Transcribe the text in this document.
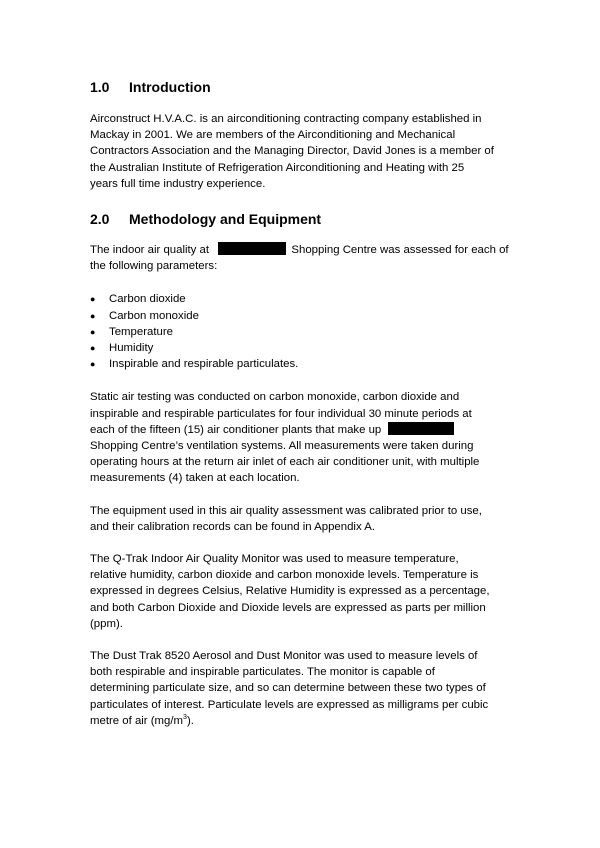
1.0	Introduction
Airconstruct H.V.A.C. is an airconditioning contracting company established in
Mackay in 2001. We are members of the Airconditioning and Mechanical
Contractors Association and the Managing Director, David Jones is a member of
the Australian Institute of Refrigeration Airconditioning and Heating with 25
years full time industry experience.
2.0	Methodology and Equipment
The indoor air quality at	Shopping Centre was assessed for each of
the following parameters:
●	Carbon dioxide
●	Carbon monoxide
●	Temperature
●	Humidity
●	Inspirable and respirable particulates.
Static air testing was conducted on carbon monoxide, carbon dioxide and
inspirable and respirable particulates for four individual 30 minute periods at
each of the fifteen (15) air conditioner plants that make up
Shopping Centre’s ventilation systems. All measurements were taken during
operating hours at the return air inlet of each air conditioner unit, with multiple
measurements (4) taken at each location.
The equipment used in this air quality assessment was calibrated prior to use,
and their calibration records can be found in Appendix A.
The Q-Trak Indoor Air Quality Monitor was used to measure temperature,
relative humidity, carbon dioxide and carbon monoxide levels. Temperature is
expressed in degrees Celsius, Relative Humidity is expressed as a percentage,
and both Carbon Dioxide and Dioxide levels are expressed as parts per million
(ppm).
The Dust Trak 8520 Aerosol and Dust Monitor was used to measure levels of
both respirable and inspirable particulates. The monitor is capable of
determining particulate size, and so can determine between these two types of
particulates of interest. Particulate levels are expressed as milligrams per cubic
metre of air $(mg/m^3)$.
